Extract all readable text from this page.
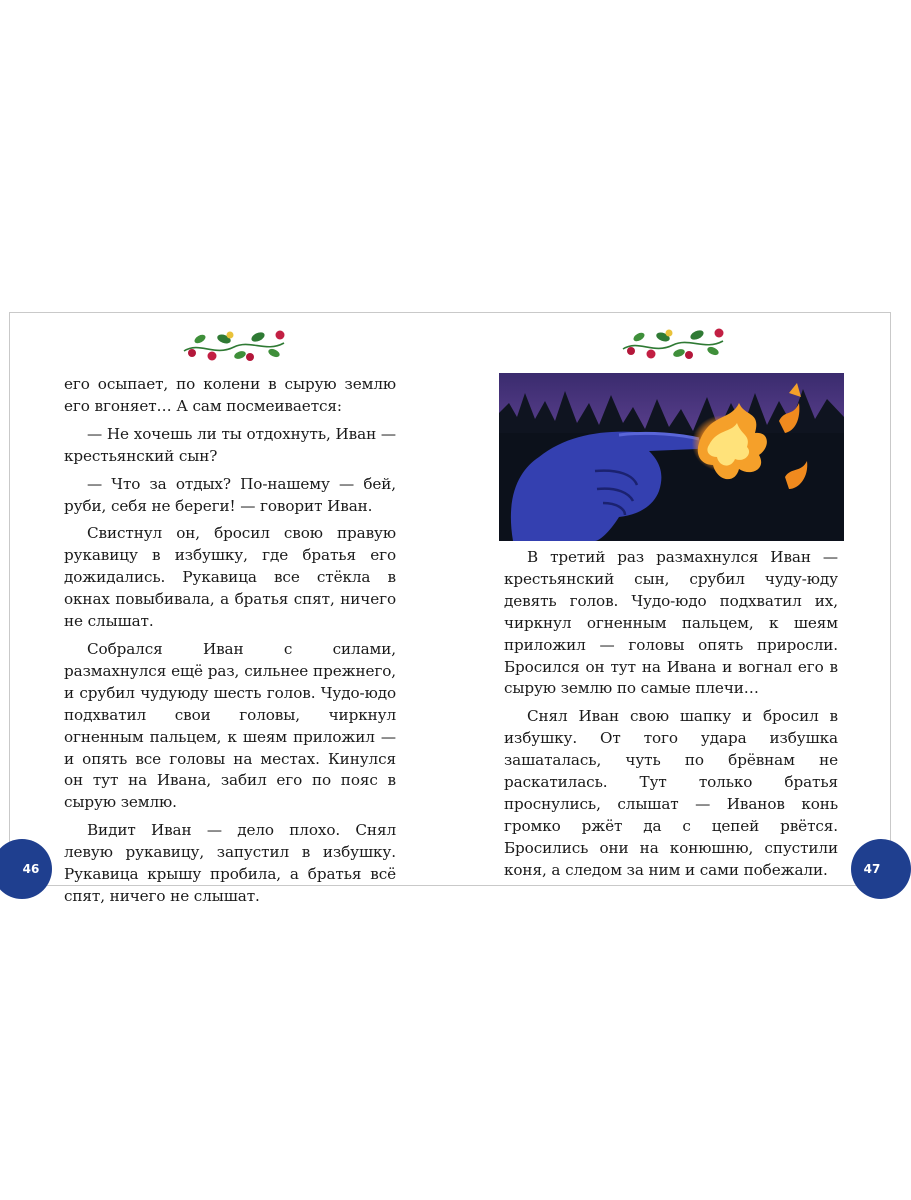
его осыпает, по колени в сырую землю его вгоняет… А сам посмеивается:

— Не хочешь ли ты отдохнуть, Иван — крестьянский сын?

— Что за отдых? По-нашему — бей, руби, себя не береги! — говорит Иван.

Свистнул он, бросил свою правую рукавицу в избушку, где братья его дожидались. Рукавица все стёкла в окнах повыбивала, а братья спят, ничего не слышат.

Собрался Иван с силами, размахнулся ещё раз, сильнее прежнего, и срубил чудуюду шесть голов. Чудо-юдо подхватил свои головы, чиркнул огненным пальцем, к шеям приложил — и опять все головы на местах. Кинулся он тут на Ивана, забил его по пояс в сырую землю.

Видит Иван — дело плохо. Снял левую рукавицу, запустил в избушку. Рукавица крышу пробила, а братья всё спят, ничего не слышат.

46

В третий раз размахнулся Иван — крестьянский сын, срубил чуду-юду девять голов. Чудо-юдо подхватил их, чиркнул огненным пальцем, к шеям приложил — головы опять приросли. Бросился он тут на Ивана и вогнал его в сырую землю по самые плечи…

Снял Иван свою шапку и бросил в избушку. От того удара избушка зашаталась, чуть по брёвнам не раскатилась. Тут только братья проснулись, слышат — Иванов конь громко ржёт да с цепей рвётся. Бросились они на конюшню, спустили коня, а следом за ним и сами побежали.	47
